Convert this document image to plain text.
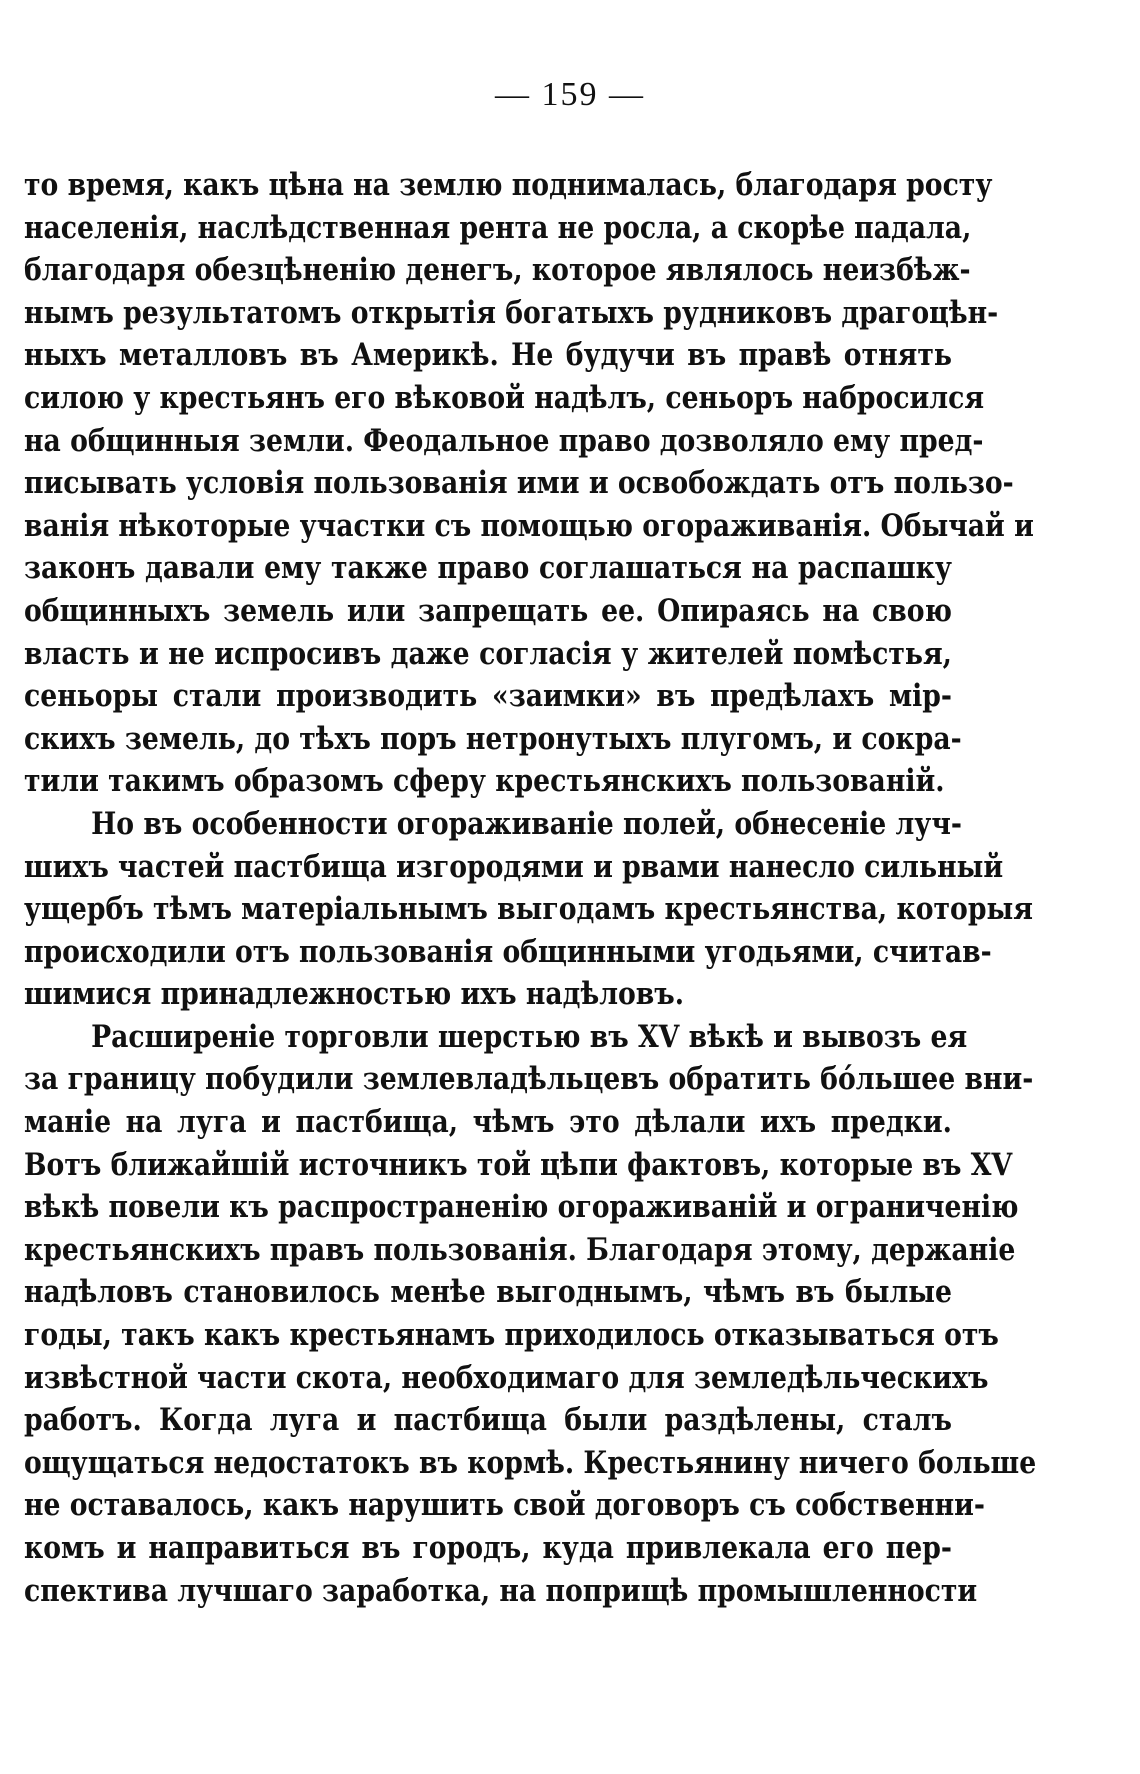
— 159 —
то время, какъ цѣна на землю поднималась, благодаря росту
населенія, наслѣдственная рента не росла, а скорѣе падала,
благодаря обезцѣненію денегъ, которое являлось неизбѣж-
нымъ результатомъ открытія богатыхъ рудниковъ драгоцѣн-
ныхъ металловъ въ Америкѣ. Не будучи въ правѣ отнять
силою у крестьянъ его вѣковой надѣлъ, сеньоръ набросился
на общинныя земли. Феодальное право дозволяло ему пред-
писывать условія пользованія ими и освобождать отъ пользо-
ванія нѣкоторые участки съ помощью огораживанія. Обычай и
законъ давали ему также право соглашаться на распашку
общинныхъ земель или запрещать ее. Опираясь на свою
власть и не испросивъ даже согласія у жителей помѣстья,
сеньоры стали производить «заимки» въ предѣлахъ мір-
скихъ земель, до тѣхъ поръ нетронутыхъ плугомъ, и сокра-
тили такимъ образомъ сферу крестьянскихъ пользованій.
Но въ особенности огораживаніе полей, обнесеніе луч-
шихъ частей пастбища изгородями и рвами нанесло сильный
ущербъ тѣмъ матеріальнымъ выгодамъ крестьянства, которыя
происходили отъ пользованія общинными угодьями, считав-
шимися принадлежностью ихъ надѣловъ.
Расширеніе торговли шерстью въ XV вѣкѣ и вывозъ ея
за границу побудили землевладѣльцевъ обратить бóльшее вни-
маніе на луга и пастбища, чѣмъ это дѣлали ихъ предки.
Вотъ ближайшій источникъ той цѣпи фактовъ, которые въ XV
вѣкѣ повели къ распространенію огораживаній и ограниченію
крестьянскихъ правъ пользованія. Благодаря этому, держаніе
надѣловъ становилось менѣе выгоднымъ, чѣмъ въ былые
годы, такъ какъ крестьянамъ приходилось отказываться отъ
извѣстной части скота, необходимаго для земледѣльческихъ
работъ. Когда луга и пастбища были раздѣлены, сталъ
ощущаться недостатокъ въ кормѣ. Крестьянину ничего больше
не оставалось, какъ нарушить свой договоръ съ собственни-
комъ и направиться въ городъ, куда привлекала его пер-
спектива лучшаго заработка, на поприщѣ промышленности
